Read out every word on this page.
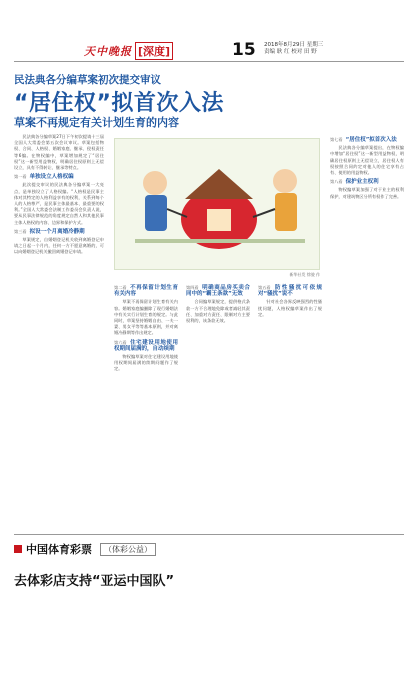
天中晚报 [深度]	15 2018年8月29日 星期三
责编 耿 红 校对 田 野
民法典各分编草案初次提交审议
“居住权”拟首次入法
草案不再规定有关计划生育的内容

民法典各分编草案27日下午初次提请十三届全国人大常委会第五次会议审议。草案包括物权、合同、人格权、婚姻家庭、继承、侵权责任等6编。在物权编中，草案增加规定了“居住权”这一新型用益物权，明确居住权原则上无偿设立，具有不得转让、继承等特点。

第一看 单独设立人格权编

此次提交审议的民法典各分编草案一大亮点，是单独设立了人格权编。“人格权是民事主体对其特定的人格利益享有的权利，关系到每个人的人格尊严，是民事主体最基本、最重要的权利。”全国人大常委会法制工作委员会负责人说，要从民事法律规范的角度规定自然人和其他民事主体人格权的内容、边界和保护方式。

第三看 拟设一个月离婚冷静期

草案规定，自婚姻登记机关收到离婚登记申请之日起一个月内，任何一方不愿意离婚的，可以向婚姻登记机关撤回离婚登记申请。

新华社发 徐骏 作
第二看 不再保留计划生育有关内容

草案不再保留计划生育有关内容。婚姻家庭编删除了现行婚姻法中有关实行计划生育的规定。与此同时，草案坚持婚姻自由、一夫一妻、男女平等等基本原则，并对离婚冷静期等作出规定。

第六看 住宅建设用地使用权期间届满的，自动续期

物权编草案对住宅建设用地使用权期间届满的续期问题作了规定。

第四看 明确商品房买卖合同中的“霸王条款”无效

合同编草案规定，提供格式条款一方不合理地免除或者减轻其责任、加重对方责任、限制对方主要权利的，该条款无效。

第五看 防性骚扰可依规对“骚扰”说不

针对社会各界反映强烈的性骚扰问题，人格权编草案作出了规定。

第七看 “居住权”拟首次入法

民法典各分编草案提出，在物权编中增加“居住权”这一新型用益物权，明确居住权原则上无偿设立，居住权人有权按照合同约定对他人的住宅享有占有、使用的用益物权。

第八看 保护业主权利

物权编草案加强了对于业主的权利保护，对建筑物区分所有权作了完善。

中国体育彩票	（体彩公益）
去体彩店支持“亚运中国队”
